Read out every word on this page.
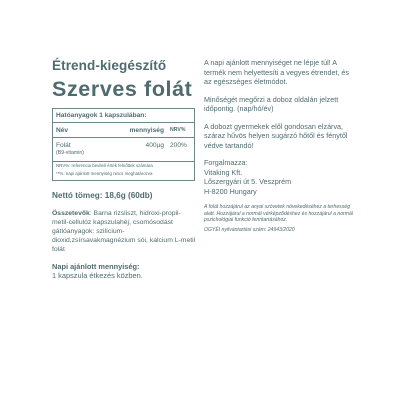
Étrend-kiegészítő
Szerves folát
Hatóanyagok 1 kapszulában:
Név	mennyiség	NRV%
Folát	400µg 200%
(B9-vitamin)
NRV%: referencia beviteli érték felnőttek számára
**%: napi ajánlott mennyiség nincs meghatározva
Nettó tömeg: 18,6g (60db)
Összetevők: Barna rizsliszt, hidroxi-propil-metil-cellulóz kapszulahéj, csomósodást gátlóanyagok: szilícium-dioxid,zsírsavakmagnézium sói, kalcium L-metil folát
Napi ajánlott mennyiség:
1 kapszula étkezés közben.

A napi ajánlott mennyiséget ne lépje túl! A termék nem helyettesíti a vegyes étrendet, és az egészséges életmódot.

Minőségét megőrzi a doboz oldalán jelzett időpontig. (nap/hó/év)

A dobozt gyermekek elől gondosan elzárva, száraz hűvös helyen sugárzó hőtől és fénytől védve tartandó!

Forgalmazza:
Vitaking Kft.
Lőszergyári út 5. Veszprém
H-8200 Hungary
A folát hozzájárul az anyai szövetek növekedéséhez a terhesség alatt. Hozzájárul a normál vérképződéshez és hozzájárul a normál pszichológiai funkció fenntartásához.
OGYÉI nyilvántartási szám: 24943/2020
